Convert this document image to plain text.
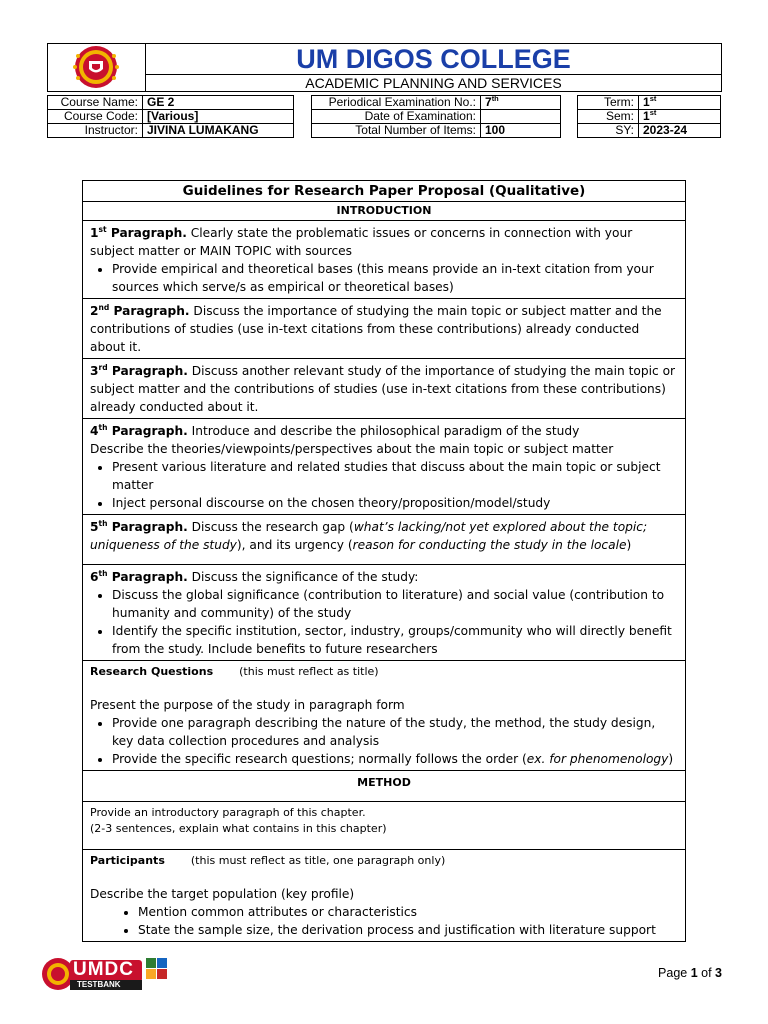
UM DIGOS COLLEGE
ACADEMIC PLANNING AND SERVICES
Course Name:	GE 2
Course Code:	[Various]
Instructor:	JIVINA LUMAKANG
Periodical Examination No.:	7th
Date of Examination:	
Total Number of Items:	100
Term:	1st
Sem:	1st
SY:	2023-24
Guidelines for Research Paper Proposal (Qualitative)
INTRODUCTION
1st Paragraph. Clearly state the problematic issues or concerns in connection with your subject matter or MAIN TOPIC with sources
• Provide empirical and theoretical bases (this means provide an in-text citation from your sources which serve/s as empirical or theoretical bases)

2nd Paragraph. Discuss the importance of studying the main topic or subject matter and the contributions of studies (use in-text citations from these contributions) already conducted about it.
3rd Paragraph. Discuss another relevant study of the importance of studying the main topic or subject matter and the contributions of studies (use in-text citations from these contributions) already conducted about it.
4th Paragraph. Introduce and describe the philosophical paradigm of the study
Describe the theories/viewpoints/perspectives about the main topic or subject matter
• Present various literature and related studies that discuss about the main topic or subject matter
• Inject personal discourse on the chosen theory/proposition/model/study

5th Paragraph. Discuss the research gap (what’s lacking/not yet explored about the topic; uniqueness of the study), and its urgency (reason for conducting the study in the locale)
6th Paragraph. Discuss the significance of the study:
• Discuss the global significance (contribution to literature) and social value (contribution to humanity and community) of the study
• Identify the specific institution, sector, industry, groups/community who will directly benefit from the study. Include benefits to future researchers

Research Questions (this must reflect as title)
Present the purpose of the study in paragraph form
• Provide one paragraph describing the nature of the study, the method, the study design, key data collection procedures and analysis
• Provide the specific research questions; normally follows the order (ex. for phenomenology)

METHOD
Provide an introductory paragraph of this chapter.
(2-3 sentences, explain what contains in this chapter)

Participants (this must reflect as title, one paragraph only)
Describe the target population (key profile)
• Mention common attributes or characteristics
• State the sample size, the derivation process and justification with literature support
UMDC
TESTBANK
Page 1 of 3
